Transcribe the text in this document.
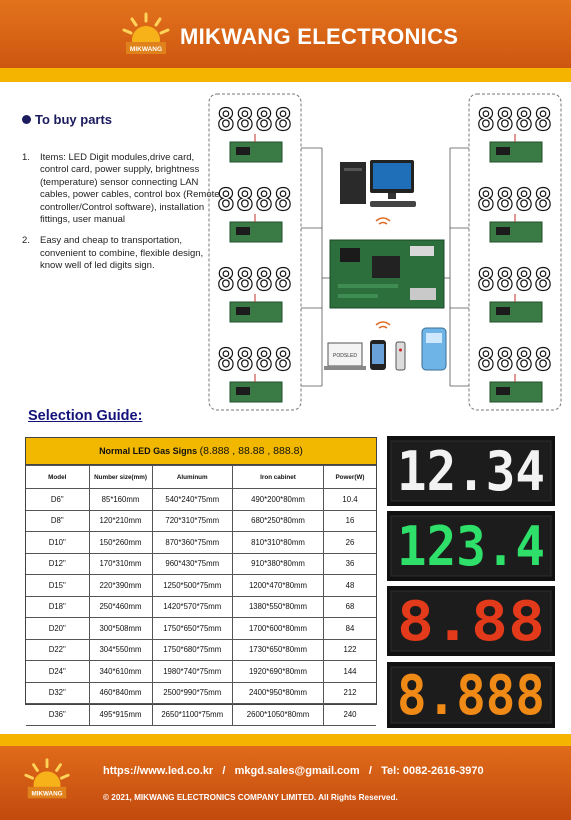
MIKWANG
MIKWANG ELECTRONICS
To buy parts
1. Items: LED Digit modules,drive card, control card, power supply, brightness (temperature) sensor connecting LAN cables, power cables, control box (Remote controller/Control software), installation fittings, user manual
2. Easy and cheap to transportation, convenient to combine, flexible design, know well of led digits sign.
8888
8888
8888
8888
8888
8888
8888
8888
PODSLED
Selection Guide:
Normal LED Gas Signs (8.888 , 88.88 , 888.8)
Model	Number size(mm)	Aluminum	Iron cabinet	Power(W)
D6"	85*160mm	540*240*75mm	490*200*80mm	10.4
D8"	120*210mm	720*310*75mm	680*250*80mm	16
D10"	150*260mm	870*360*75mm	810*310*80mm	26
D12"	170*310mm	960*430*75mm	910*380*80mm	36
D15"	220*390mm	1250*500*75mm	1200*470*80mm	48
D18"	250*460mm	1420*570*75mm	1380*550*80mm	68
D20"	300*508mm	1750*650*75mm	1700*600*80mm	84
D22"	304*550mm	1750*680*75mm	1730*650*80mm	122
D24"	340*610mm	1980*740*75mm	1920*690*80mm	144
D32"	460*840mm	2500*990*75mm	2400*950*80mm	212
D36"	495*915mm	2650*1100*75mm	2600*1050*80mm	240
12.34
123.4
8.88
8.888
MIKWANG
https://www.led.co.kr / mkgd.sales@gmail.com / Tel: 0082-2616-3970
© 2021, MIKWANG ELECTRONICS COMPANY LIMITED. All Rights Reserved.
